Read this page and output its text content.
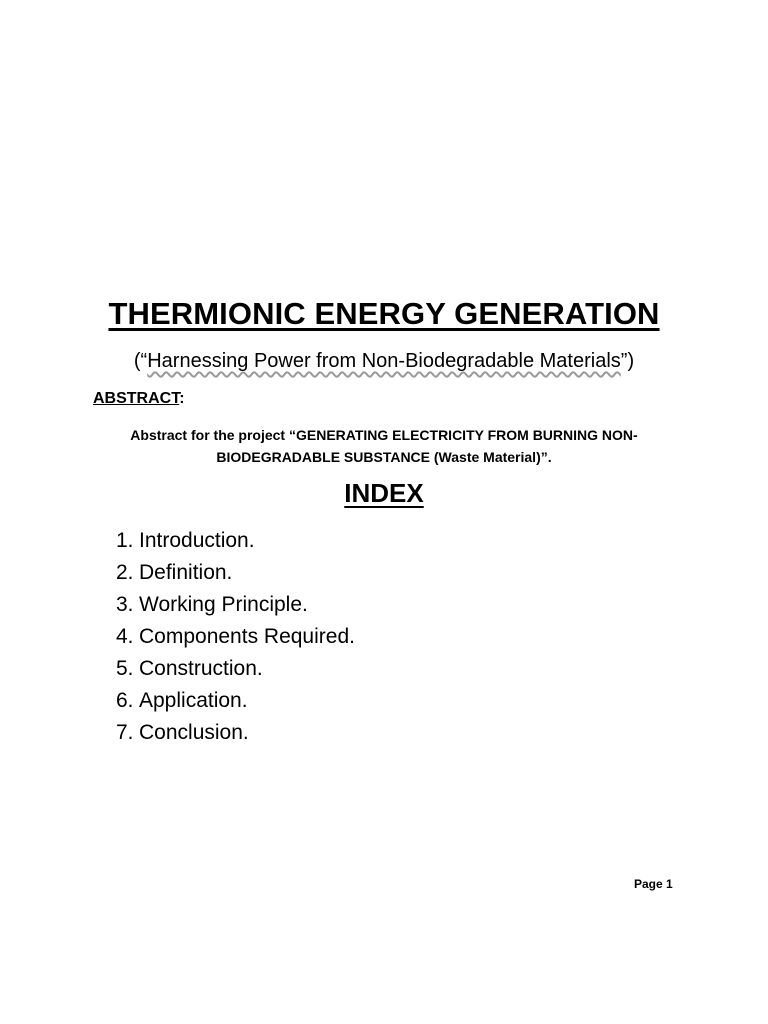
THERMIONIC ENERGY GENERATION
(“Harnessing Power from Non-Biodegradable Materials”)
ABSTRACT:
Abstract for the project “GENERATING ELECTRICITY FROM BURNING NON-
BIODEGRADABLE SUBSTANCE (Waste Material)”.
INDEX
1. Introduction.
2. Definition.
3. Working Principle.
4. Components Required.
5. Construction.
6. Application.
7. Conclusion.
Page 1
